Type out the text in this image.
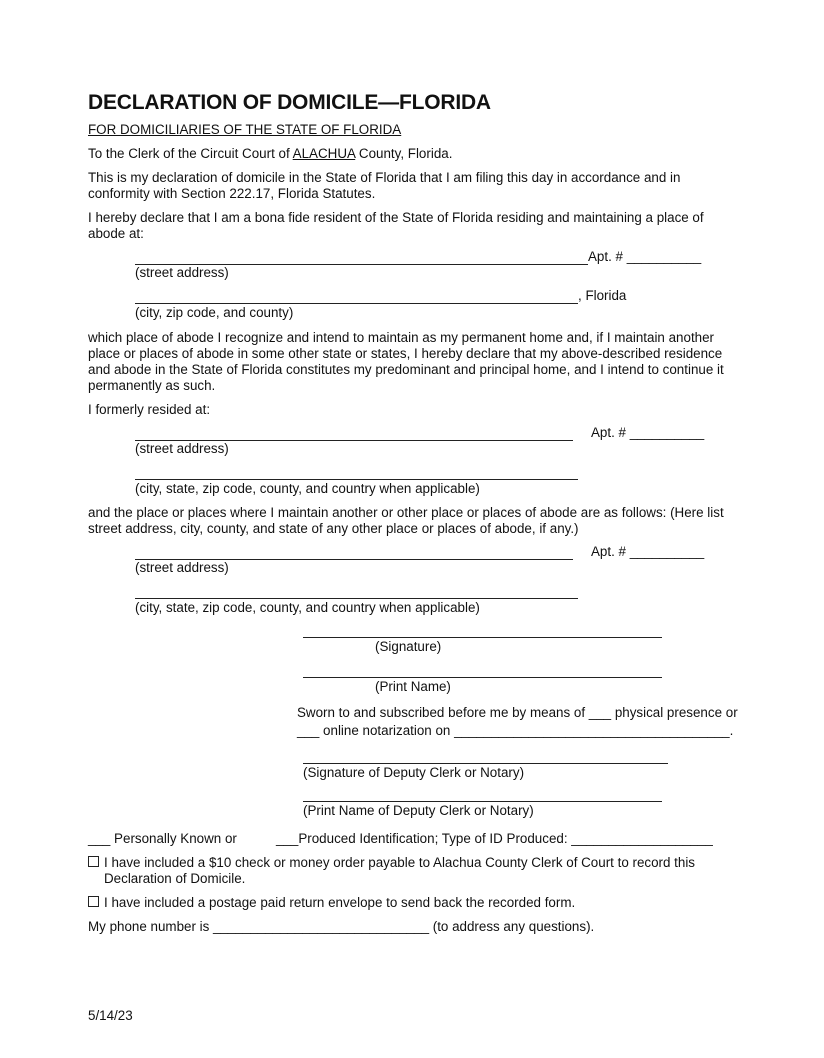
DECLARATION OF DOMICILE—FLORIDA
FOR DOMICILIARIES OF THE STATE OF FLORIDA
To the Clerk of the Circuit Court of ALACHUA County, Florida.
This is my declaration of domicile in the State of Florida that I am filing this day in accordance and in conformity with Section 222.17, Florida Statutes.
I hereby declare that I am a bona fide resident of the State of Florida residing and maintaining a place of abode at:
Apt. # __________
(street address)
, Florida
(city, zip code, and county)
which place of abode I recognize and intend to maintain as my permanent home and, if I maintain another place or places of abode in some other state or states, I hereby declare that my above-described residence and abode in the State of Florida constitutes my predominant and principal home, and I intend to continue it permanently as such.
I formerly resided at:
Apt. # __________
(street address)
(city, state, zip code, county, and country when applicable)
and the place or places where I maintain another or other place or places of abode are as follows: (Here list street address, city, county, and state of any other place or places of abode, if any.)
Apt. # __________
(street address)
(city, state, zip code, county, and country when applicable)
(Signature)
(Print Name)
Sworn to and subscribed before me by means of ___ physical presence or
___ online notarization on _____________________________________.
(Signature of Deputy Clerk or Notary)
(Print Name of Deputy Clerk or Notary)
___ Personally Known or	___Produced Identification; Type of ID Produced: ___________________
I have included a $10 check or money order payable to Alachua County Clerk of Court to record this
Declaration of Domicile.
I have included a postage paid return envelope to send back the recorded form.
My phone number is _____________________________ (to address any questions).
5/14/23
